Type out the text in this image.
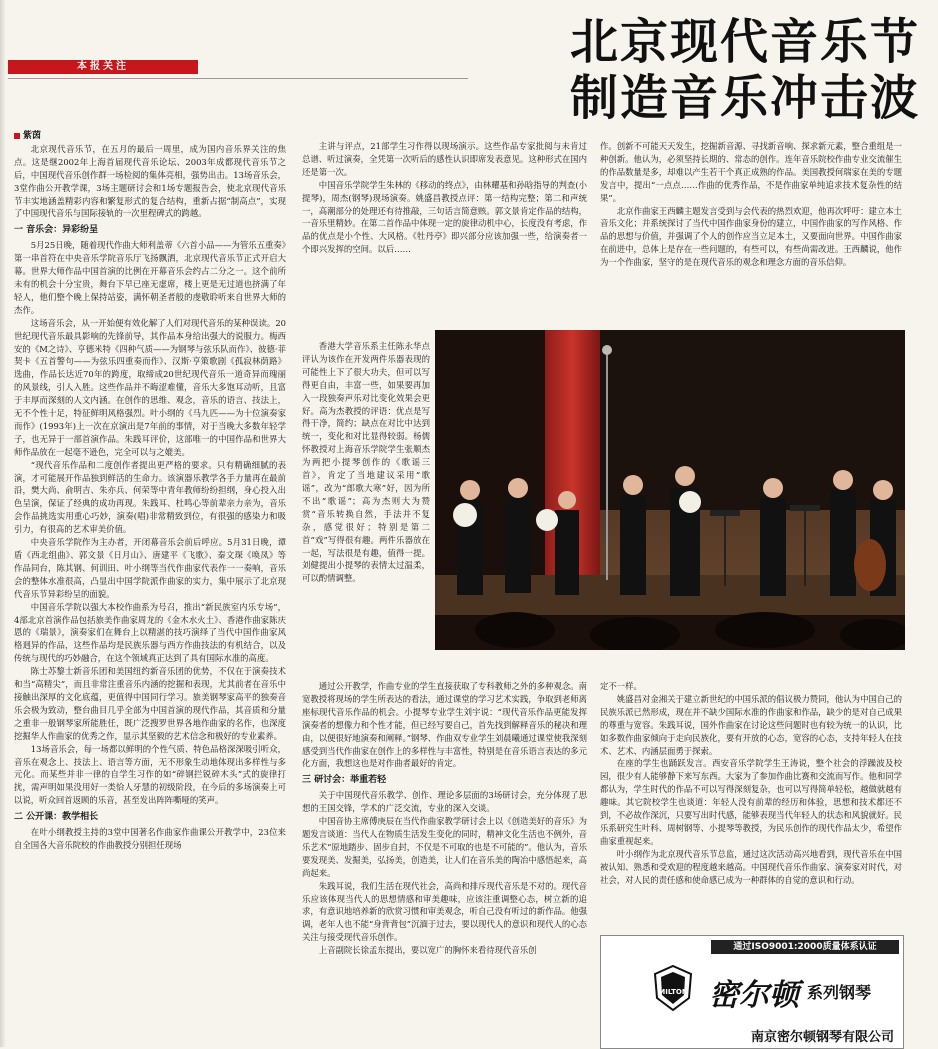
本报关注	北京现代音乐节
制造音乐冲击波
紫茵

北京现代音乐节，在五月的最后一周里，成为国内音乐界关注的焦点。这是继2002年上海首届现代音乐论坛、2003年成都现代音乐节之后，中国现代音乐创作群一场检阅的集体亮相，强势出击。13场音乐会，3堂作曲公开教学课，3场主题研讨会和1场专题报告会，使北京现代音乐节丰实地涵盖精彩内容和繁复形式的复合结构，重新占据“制高点”，实现了中国现代音乐与国际接轨的一次里程碑式的跨越。

一 音乐会：异彩纷呈

5月25日晚，随着现代作曲大师利盖蒂《六首小品——为管乐五重奏》第一串首符在中央音乐学院音乐厅飞扬飘洒，北京现代音乐节正式开启大幕。世界大师作品中国首演的比例在开幕音乐会约占二分之一。这个前所未有的机会十分宝贵，舞台下早已座无虚席，楼上更是无过道也挤满了年轻人，他们整个晚上保持站姿，满怀朝圣者般的虔敬聆听来自世界大师的杰作。

这场音乐会，从一开始便有效化解了人们对现代音乐的某种误读。20世纪现代音乐最具影响的先锋前导，其作品本身给出强大的说服力。梅西安的《M之诗》、亨德米特《四种气质——为钢琴与弦乐队而作》、彼德·菲契卡《五首警句——为弦乐四重奏而作》、汉斯·亨策歌剧《孤寂林荫路》选曲，作品长达近70年的跨度，取缔成20世纪现代音乐一道奇异而瑰丽的风景线，引人入胜。这些作品并不晦涩难懂，音乐大多饱耳动听，且富于丰厚而深刻的人文内涵。在创作的思维、观念，音乐的语言、技法上，无不个性十足，特征鲜明风格强烈。叶小纲的《马九匹——为十位演奏家而作》(1993年)上一次在京演出是7年前的事情，对于当晚大多数年轻学子，也无异于一部首演作品。朱践耳评价，这部唯一的中国作品和世界大师作品放在一起毫不逊色，完全可以与之媲美。

“现代音乐作品和二度创作者提出更严格的要求。只有精确细腻的表演，才可能展开作品独到鲜活的生命力。该演器乐教学各手力量再在最前沿，樊大尚、俞明吉、朱亦兵、何荣等中青年教师纷纷担纲，身心投入出色呈演，保证了经典的成功再现。朱践耳、杜鸣心等前辈亲力亲为，音乐会作品挑选实用重心巧妙，演奏(唱)非常精致到位，有很强的感染力和吸引力，有很高的艺术审美价值。

中央音乐学院作为主办者，开闭幕音乐会前后呼应。5月31日晚，谭盾《西北组曲》、郭文景《日月山》、唐建平《飞歌》、秦文琛《唤凤》等作品同台，陈其钢、何训田、叶小纲等当代作曲家代表作一一奏响，音乐会的整体水准很高，凸显出中国学院派作曲家的实力，集中展示了北京现代音乐节异彩纷呈的面貌。

中国音乐学院以强大本校作曲系为号召，推出“新民族室内乐专场”，4部北京首演作品包括旅美作曲家周龙的《金木水火土》、香港作曲家陈庆恩的《瑞景》，演奏家们在舞台上以精湛的技巧演绎了当代中国作曲家风格迥异的作品，这些作品均是民族乐器与西方作曲技法的有机结合，以及传统与现代的巧妙融合，在这个领域真正达到了具有国际水准的高度。

陈士苏黎士新音乐团和美国纽约新音乐团的优势，不仅在于演奏技术和当“高精尖”，而且非常注重音乐内涵的挖掘和表现，尤其前者在音乐中接触出深厚的文化底蕴，更值得中国同行学习。旅美钢琴家高平的独奏音乐会极为致动，整台曲目几乎全部为中国首演的现代作品，其音质和分量之重非一般钢琴家所能胜任，既广泛搜罗世界各地作曲家的名作，也深度挖掘华人作曲家的优秀之作，显示其坚毅的艺术信念和极好的专业素养。

13场音乐会，每一场都以鲜明的个性气质、特色品格深深吸引听众，音乐在观念上、技法上、语言等方面，无不形象生动地体现出多样性与多元化。而某些并非一律的自学生习作的如“碎钢拦锐碎木头”式的旋律打扰，需声明如果没用好一类恰人牙慧的初级阶段，在今后的多场演奏上可以说，听众回首返顾的乐音，甚至发出阵阵嘶哑的笑声。

二 公开课：教学相长

在叶小纲教授主持的3堂中国著名作曲家作曲课公开教学中，23位来自全国各大音乐院校的作曲教授分别担任现场

主讲与评点，21部学生习作得以现场演示。这些作品专家批阅与未肯过总谱、听过演奏，全凭第一次听后的感性认识即席发表意见。这种形式在国内还是第一次。

中国音乐学院学生朱林的《移动的终点》，由林耀基和孙晗指导的判查(小提琴)，周杰(钢琴)现场演奏。姚盛昌教授点评：第一结构完整；第二和声统一，高潮部分的处理还有待推敲，三句话言简意赅。郭文景肯定作品的结构，一音乐里精妙。在第二首作品中体现一定的旋律动机中心，长度没有考虑，作品的优点是小个性、大风格。《牡丹亭》即兴部分应该加强一些，给演奏者一个即兴发挥的空间。以后……

香港大学音乐系主任陈永华点评认为该作在开发两件乐器表现的可能性上下了很大功夫，但可以写得更自由，丰富一些，如果要再加入一段独奏声乐对比变化效果会更好。高为杰教授的评语：优点是写得干净，简约；缺点在对比中达到统一，变化和对比显得较弱。杨儒怀教授对上海音乐学院学生张顺杰为两把小提琴创作的《歌谣三首》，肯定了当地建议采用“歌谣”，改为“郎歌大寒”好，因为所不出“歌谣”；高为杰则大为赞赏“音乐转换自然，手法并不复杂，感觉很好；特别是第二首“戏”写得很有趣。两件乐器放在一起，写法很是有趣，值得一提。刘健提出小提琴的表情太过温柔，可以酌情调整。

通过公开教学，作曲专业的学生直接获取了专科教师之外的多种观念。南宽教授将现场的学生所表达的看法，通过课堂的学习艺术实践，争取到老师离座标现代音乐作品的机会。小提琴专业学生刘宇说：“现代音乐作品更能发挥演奏者的想像力和个性才能，但已经写要自己，首先找到解释音乐的秘决和理由，以便很好地演奏和阐释。”钢琴、作曲双专业学生刘晨曦通过课堂使我深刻感受到当代作曲家在创作上的多样性与丰富性，特别是在音乐语言表达的多元化方面，我想这也是对作曲者最好的肯定。

三 研讨会：举重若轻

关于中国现代音乐教学、创作、理论多层面的3场研讨会，充分体现了思想的王国交锋，学术的广泛交流，专业的深入交谈。

中国音协主席傅庚辰在当代作曲家教学研讨会上以《创造美好的音乐》为题发言谈道：当代人在物质生活发生变化的同时，精神文化生活也不例外，音乐艺术“原地踏步、固步自封，不仅是不可取的也是不可能的”。他认为，音乐要发现美、发掘美，弘扬美，创造美，让人们在音乐美的陶冶中感悟起来，高尚起来。

朱践耳说，我们生活在现代社会，高尚和排斥现代音乐是不对的。现代音乐应该体现当代人的思想情感和审美趣味，应该注重调整心态，树立新的追求，有意识地培养新的欣赏习惯和审美观念，听自己没有听过的新作品。他强调，老年人也不能“身背背包”沉湎于过去，要以现代人的意识和现代人的心态关注与接受现代音乐创作。

上音副院长徐孟东提出，要以宽广的胸怀来看待现代音乐创

作。创新不可能天天发生，挖掘新音源、寻找新音响、探求新元素，整合重组是一种创新。他认为，必须坚持长期的、常态的创作。连年音乐院校作曲专业交流催生的作品数量是多，却难以产生若干个真正成熟的作品。美国教授何瑞家在美的专题发言中，提出“一点点……作曲的优秀作品，不是作曲家单纯追求技术复杂性的结果”。

北京作曲家王西麟主题发言受到与会代表的热烈欢迎，他再次呼吁：建立本土音乐文化；并系统探讨了当代中国作曲家身份的建立，中国作曲家的写作风格、作品的思想与价值，并强调了个人的创作应当立足本土，又要面向世界。中国作曲家在前进中，总体上是存在一些问题的，有些可以，有些尚需改进。王西麟说，他作为一个作曲家，坚守的是在现代音乐的观念和理念方面的音乐信仰。

定不一样。

姚盛昌对金湘关于建立新世纪的中国乐派的倡议极力赞同，他认为中国自己的民族乐派已然形成，现在并不缺少国际水准的作曲家和作品，缺少的是对自己成果的尊重与宽容。朱践耳说，国外作曲家在讨论这些问题时也有较为统一的认识，比如多数作曲家倾向于走向民族化，要有开放的心态，宽容的心态，支持年轻人在技术、艺术、内涵层面勇于探索。

在座的学生也踊跃发言。西安音乐学院学生王涛说，整个社会的浮躁波及校园，很少有人能够静下来写东西。大家为了参加作曲比赛和交流而写作。他和同学都认为，学生时代的作品不可以写得深刻复杂，也可以写得简单轻松，越做就越有趣味。其它院校学生也谈道：年轻人没有前辈的经历和体验，思想和技术都还不到，不必故作深沉，只要写出时代感，能够表现当代年轻人的状态和风貌就好。民乐系研究生叶科、周树钢等、小提琴等教授，为民乐创作的现代作品太少，希望作曲家重视起来。

叶小纲作为北京现代音乐节总监，通过这次活动高兴地看到，现代音乐在中国被认知、熟悉和受欢迎的程度越来越高。中国现代音乐作曲家、演奏家对时代，对社会，对人民的责任感和使命感已成为一种群体的自觉的意识和行动。

通过ISO9001:2000质量体系认证
MILTON 密尔顿 系列钢琴
南京密尔顿钢琴有限公司
